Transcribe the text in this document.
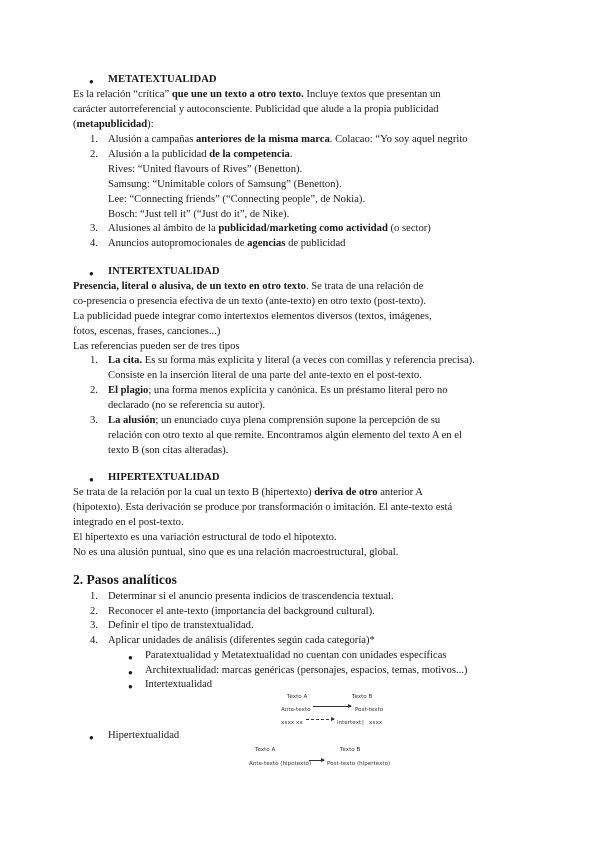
● METATEXTUALIDAD
Es la relación “crítica” que une un texto a otro texto. Incluye textos que presentan un
carácter autorreferencial y autoconsciente. Publicidad que alude a la propia publicidad
(metapublicidad):
1. Alusión a campañas anteriores de la misma marca. Colacao: “Yo soy aquel negrito
2. Alusión a la publicidad de la competencia.
Rives: “United flavours of Rives” (Benetton).
Samsung: “Unimitable colors of Samsung” (Benetton).
Lee: “Connecting friends” (“Connecting people”, de Nokia).
Bosch: “Just tell it” (“Just do it”, de Nike).
3. Alusiones al ámbito de la publicidad/marketing como actividad (o sector)
4. Anuncios autopromocionales de agencias de publicidad
● INTERTEXTUALIDAD
Presencia, literal o alusiva, de un texto en otro texto. Se trata de una relación de
co-presencia o presencia efectiva de un texto (ante-texto) en otro texto (post-texto).
La publicidad puede integrar como intertextos elementos diversos (textos, imágenes,
fotos, escenas, frases, canciones...)
Las referencias pueden ser de tres tipos
1. La cita. Es su forma más explícita y literal (a veces con comillas y referencia precisa).
Consiste en la inserción literal de una parte del ante-texto en el post-texto.
2. El plagio; una forma menos explícita y canónica. Es un préstamo literal pero no
declarado (no se referencia su autor).
3. La alusión; un enunciado cuya plena comprensión supone la percepción de su
relación con otro texto al que remite. Encontramos algún elemento del texto A en el
texto B (son citas alteradas).
● HIPERTEXTUALIDAD
Se trata de la relación por la cual un texto B (hipertexto) deriva de otro anterior A
(hipotexto). Esta derivación se produce por transformación o imitación. El ante-texto está
integrado en el post-texto.
El hipertexto es una variación estructural de todo el hipotexto.
No es una alusión puntual, sino que es una relación macroestructural, global.
2. Pasos analíticos
1. Determinar si el anuncio presenta indicios de trascendencia textual.
2. Reconocer el ante-texto (importancia del background cultural).
3. Definir el tipo de transtextualidad.
4. Aplicar unidades de análisis (diferentes según cada categoría)*
● Paratextualidad y Metatextualidad no cuentan con unidades específicas
● Architextualidad: marcas genéricas (personajes, espacios, temas, motivos...)
● Intertextualidad
Texto A	Texto B
Ante-texto	Post-texto
xxxx xx	intertext | xxxx
● Hipertextualidad
Texto A	Texto B
Ante-texto (hipotexto)	Post-texto (hipertexto)
